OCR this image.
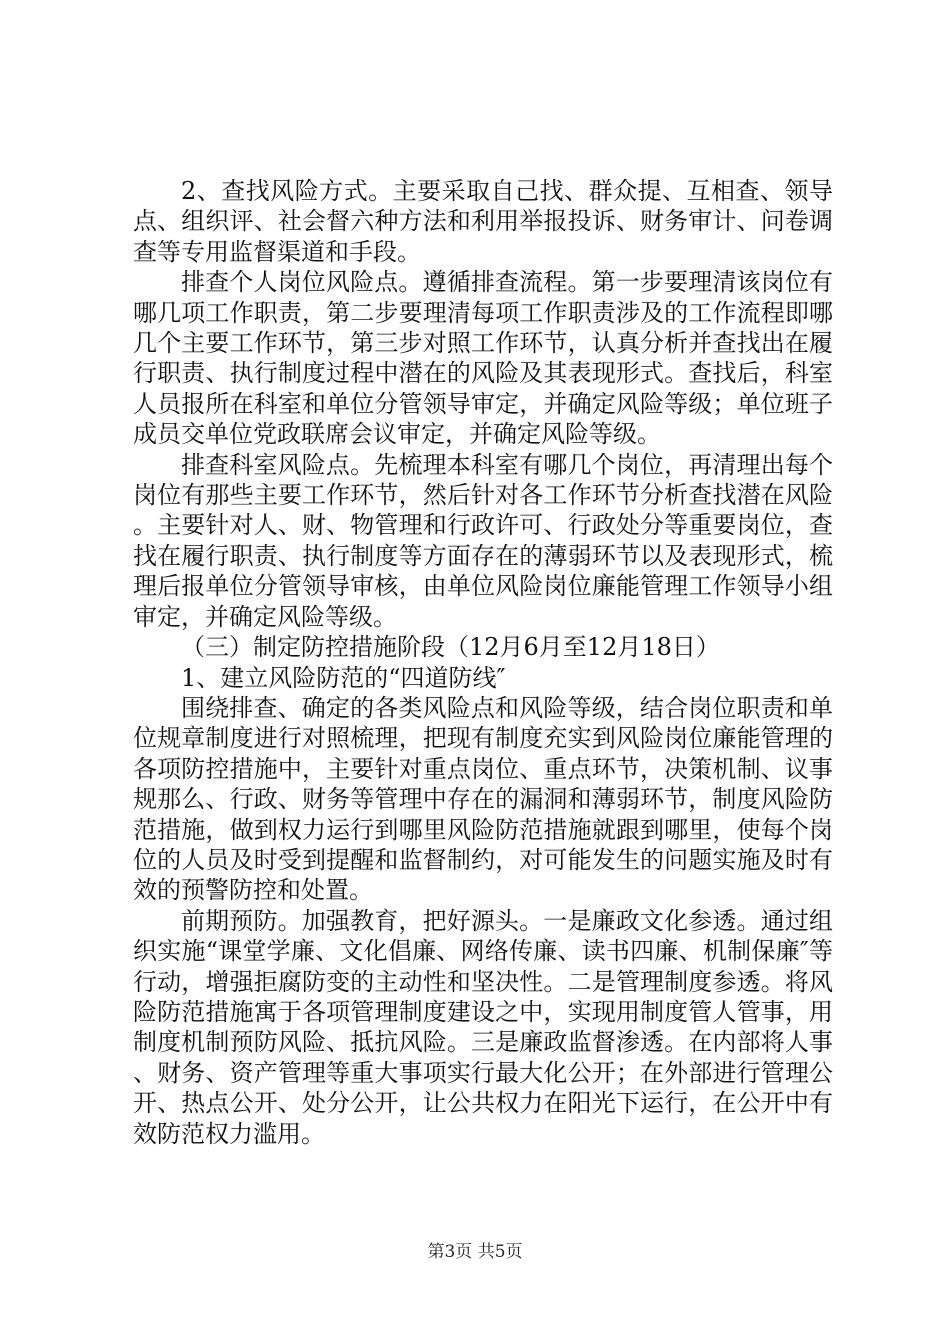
2、查找风险方式。主要采取自己找、群众提、互相查、领导点、组织评、社会督六种方法和利用举报投诉、财务审计、问卷调查等专用监督渠道和手段。

排查个人岗位风险点。遵循排查流程。第一步要理清该岗位有哪几项工作职责，第二步要理清每项工作职责涉及的工作流程即哪几个主要工作环节，第三步对照工作环节，认真分析并查找出在履行职责、执行制度过程中潜在的风险及其表现形式。查找后，科室人员报所在科室和单位分管领导审定，并确定风险等级；单位班子成员交单位党政联席会议审定，并确定风险等级。

排查科室风险点。先梳理本科室有哪几个岗位，再清理出每个岗位有那些主要工作环节，然后针对各工作环节分析查找潜在风险。主要针对人、财、物管理和行政许可、行政处分等重要岗位，查找在履行职责、执行制度等方面存在的薄弱环节以及表现形式，梳理后报单位分管领导审核，由单位风险岗位廉能管理工作领导小组审定，并确定风险等级。

（三）制定防控措施阶段（12月6月至12月18日）

1、建立风险防范的“四道防线″

围绕排查、确定的各类风险点和风险等级，结合岗位职责和单位规章制度进行对照梳理，把现有制度充实到风险岗位廉能管理的各项防控措施中，主要针对重点岗位、重点环节，决策机制、议事规那么、行政、财务等管理中存在的漏洞和薄弱环节，制度风险防范措施，做到权力运行到哪里风险防范措施就跟到哪里，使每个岗位的人员及时受到提醒和监督制约，对可能发生的问题实施及时有效的预警防控和处置。

前期预防。加强教育，把好源头。一是廉政文化参透。通过组织实施“课堂学廉、文化倡廉、网络传廉、读书四廉、机制保廉″等行动，增强拒腐防变的主动性和坚决性。二是管理制度参透。将风险防范措施寓于各项管理制度建设之中，实现用制度管人管事，用制度机制预防风险、抵抗风险。三是廉政监督渗透。在内部将人事、财务、资产管理等重大事项实行最大化公开；在外部进行管理公开、热点公开、处分公开，让公共权力在阳光下运行，在公开中有效防范权力滥用。

第3页 共5页
